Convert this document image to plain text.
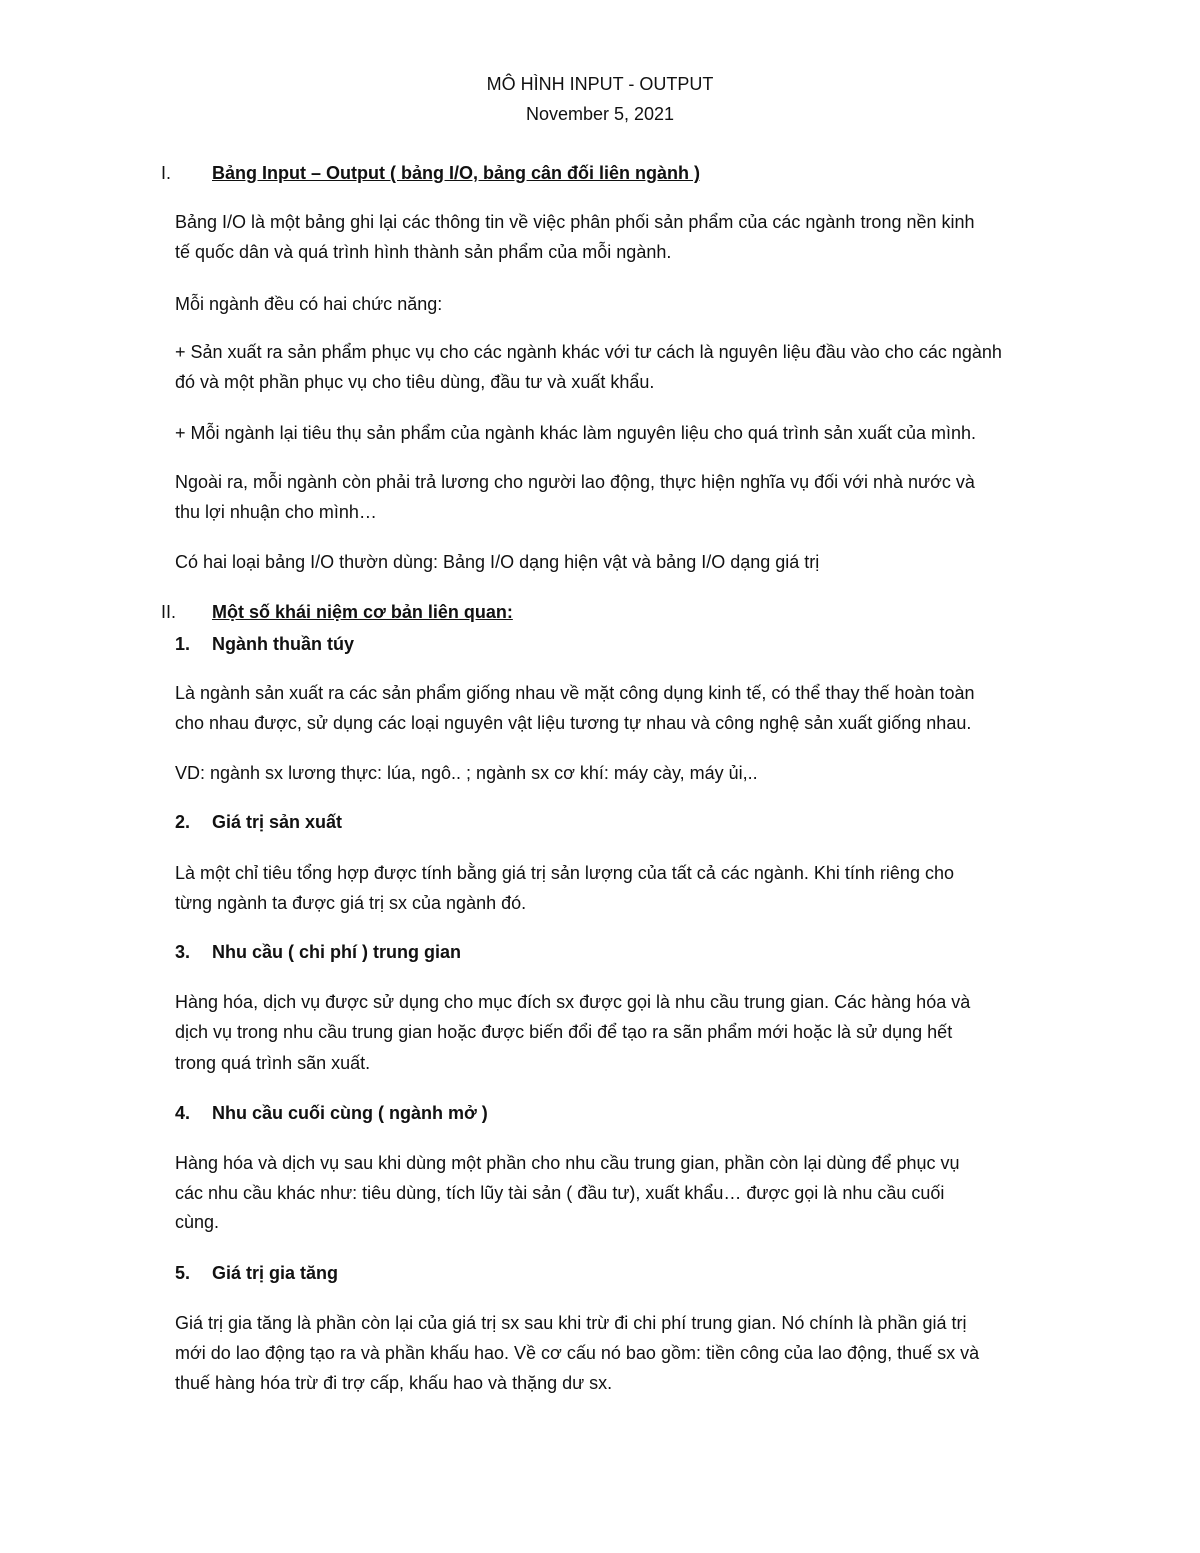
MÔ HÌNH INPUT - OUTPUT
November 5, 2021
I. Bảng Input – Output ( bảng I/O, bảng cân đối liên ngành )
Bảng I/O là một bảng ghi lại các thông tin về việc phân phối sản phẩm của các ngành trong nền kinh
tế quốc dân và quá trình hình thành sản phẩm của mỗi ngành.
Mỗi ngành đều có hai chức năng:
+ Sản xuất ra sản phẩm phục vụ cho các ngành khác với tư cách là nguyên liệu đầu vào cho các ngành
đó và một phần phục vụ cho tiêu dùng, đầu tư và xuất khẩu.
+ Mỗi ngành lại tiêu thụ sản phẩm của ngành khác làm nguyên liệu cho quá trình sản xuất của mình.
Ngoài ra, mỗi ngành còn phải trả lương cho người lao động, thực hiện nghĩa vụ đối với nhà nước và
thu lợi nhuận cho mình…
Có hai loại bảng I/O thườn dùng: Bảng I/O dạng hiện vật và bảng I/O dạng giá trị
II. Một số khái niệm cơ bản liên quan:
1. Ngành thuần túy
Là ngành sản xuất ra các sản phẩm giống nhau về mặt công dụng kinh tế, có thể thay thế hoàn toàn
cho nhau được, sử dụng các loại nguyên vật liệu tương tự nhau và công nghệ sản xuất giống nhau.
VD: ngành sx lương thực: lúa, ngô.. ; ngành sx cơ khí: máy cày, máy ủi,..
2. Giá trị sản xuất
Là một chỉ tiêu tổng hợp được tính bằng giá trị sản lượng của tất cả các ngành. Khi tính riêng cho
từng ngành ta được giá trị sx của ngành đó.
3. Nhu cầu ( chi phí ) trung gian
Hàng hóa, dịch vụ được sử dụng cho mục đích sx được gọi là nhu cầu trung gian. Các hàng hóa và
dịch vụ trong nhu cầu trung gian hoặc được biến đổi để tạo ra sãn phẩm mới hoặc là sử dụng hết
trong quá trình sãn xuất.
4. Nhu cầu cuối cùng ( ngành mở )
Hàng hóa và dịch vụ sau khi dùng một phần cho nhu cầu trung gian, phần còn lại dùng để phục vụ
các nhu cầu khác như: tiêu dùng, tích lũy tài sản ( đầu tư), xuất khẩu… được gọi là nhu cầu cuối
cùng.
5. Giá trị gia tăng
Giá trị gia tăng là phần còn lại của giá trị sx sau khi trừ đi chi phí trung gian. Nó chính là phần giá trị
mới do lao động tạo ra và phần khấu hao. Về cơ cấu nó bao gồm: tiền công của lao động, thuế sx và
thuế hàng hóa trừ đi trợ cấp, khấu hao và thặng dư sx.
